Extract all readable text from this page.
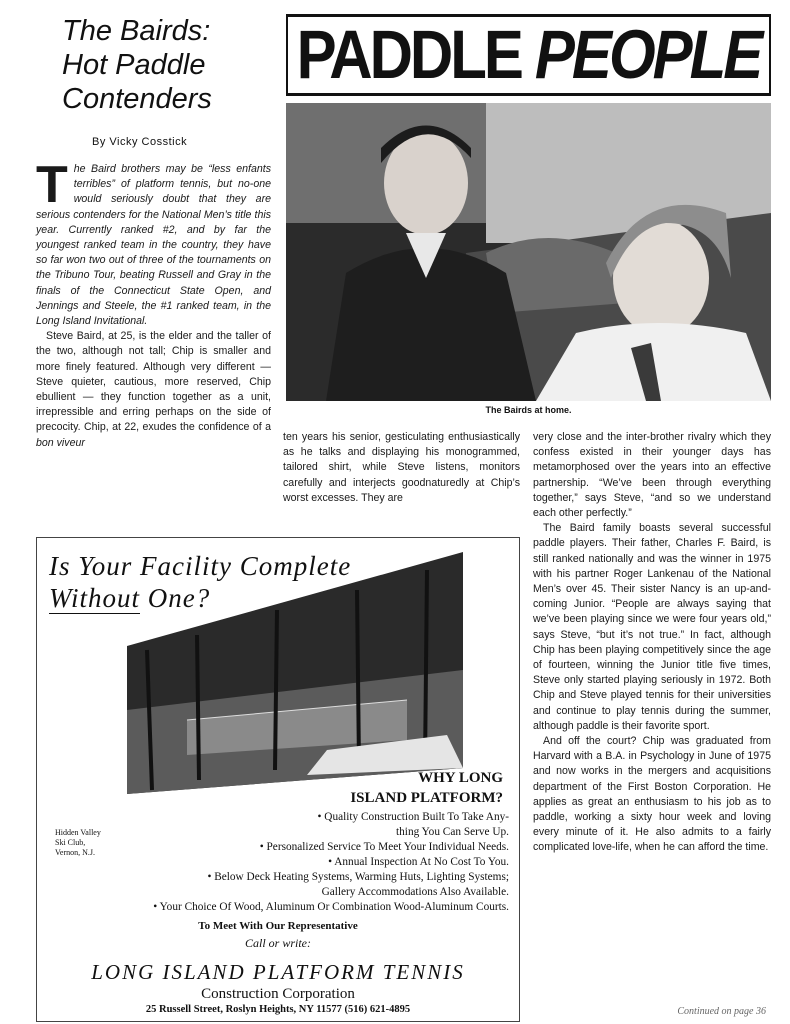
The Bairds:
Hot Paddle
Contenders
PADDLE PEOPLE
By Vicky Cosstick

The Baird brothers may be “less enfants terribles” of platform tennis, but no-one would seriously doubt that they are serious contenders for the National Men’s title this year. Currently ranked #2, and by far the youngest ranked team in the country, they have so far won two out of three of the tournaments on the Tribuno Tour, beating Russell and Gray in the finals of the Connecticut State Open, and Jennings and Steele, the #1 ranked team, in the Long Island Invitational.

Steve Baird, at 25, is the elder and the taller of the two, although not tall; Chip is smaller and more finely featured. Although very different — Steve quieter, cautious, more reserved, Chip ebullient — they function together as a unit, irrepressible and erring perhaps on the side of precocity. Chip, at 22, exudes the confidence of a bon viveur

The Bairds at home.

ten years his senior, gesticulating enthusiastically as he talks and displaying his monogrammed, tailored shirt, while Steve listens, monitors carefully and interjects goodnaturedly at Chip’s worst excesses. They are

very close and the inter-brother rivalry which they confess existed in their younger days has metamorphosed over the years into an effective partnership. “We’ve been through everything together,” says Steve, “and so we understand each other perfectly.”

The Baird family boasts several successful paddle players. Their father, Charles F. Baird, is still ranked nationally and was the winner in 1975 with his partner Roger Lankenau of the National Men’s over 45. Their sister Nancy is an up-and-coming Junior. “People are always saying that we’ve been playing since we were four years old,” says Steve, “but it’s not true.” In fact, although Chip has been playing competitively since the age of fourteen, winning the Junior title five times, Steve only started playing seriously in 1972. Both Chip and Steve played tennis for their universities and continue to play tennis during the summer, although paddle is their favorite sport.

And off the court? Chip was graduated from Harvard with a B.A. in Psychology in June of 1975 and now works in the mergers and acquisitions department of the First Boston Corporation. He applies as great an enthusiasm to his job as to paddle, working a sixty hour week and loving every minute of it. He also admits to a fairly complicated love-life, when he can afford the time.

Is Your Facility Complete
Without One?
WHY LONG
ISLAND PLATFORM?
Hidden Valley
Ski Club,
Vernon, N.J.
• Quality Construction Built To Take Any-
thing You Can Serve Up.
• Personalized Service To Meet Your Individual Needs.
• Annual Inspection At No Cost To You.
• Below Deck Heating Systems, Warming Huts, Lighting Systems;
Gallery Accommodations Also Available.
• Your Choice Of Wood, Aluminum Or Combination Wood-Aluminum Courts.
To Meet With Our Representative
Call or write:
LONG ISLAND PLATFORM TENNIS
Construction Corporation
25 Russell Street, Roslyn Heights, NY 11577 (516) 621-4895	Continued on page 36
